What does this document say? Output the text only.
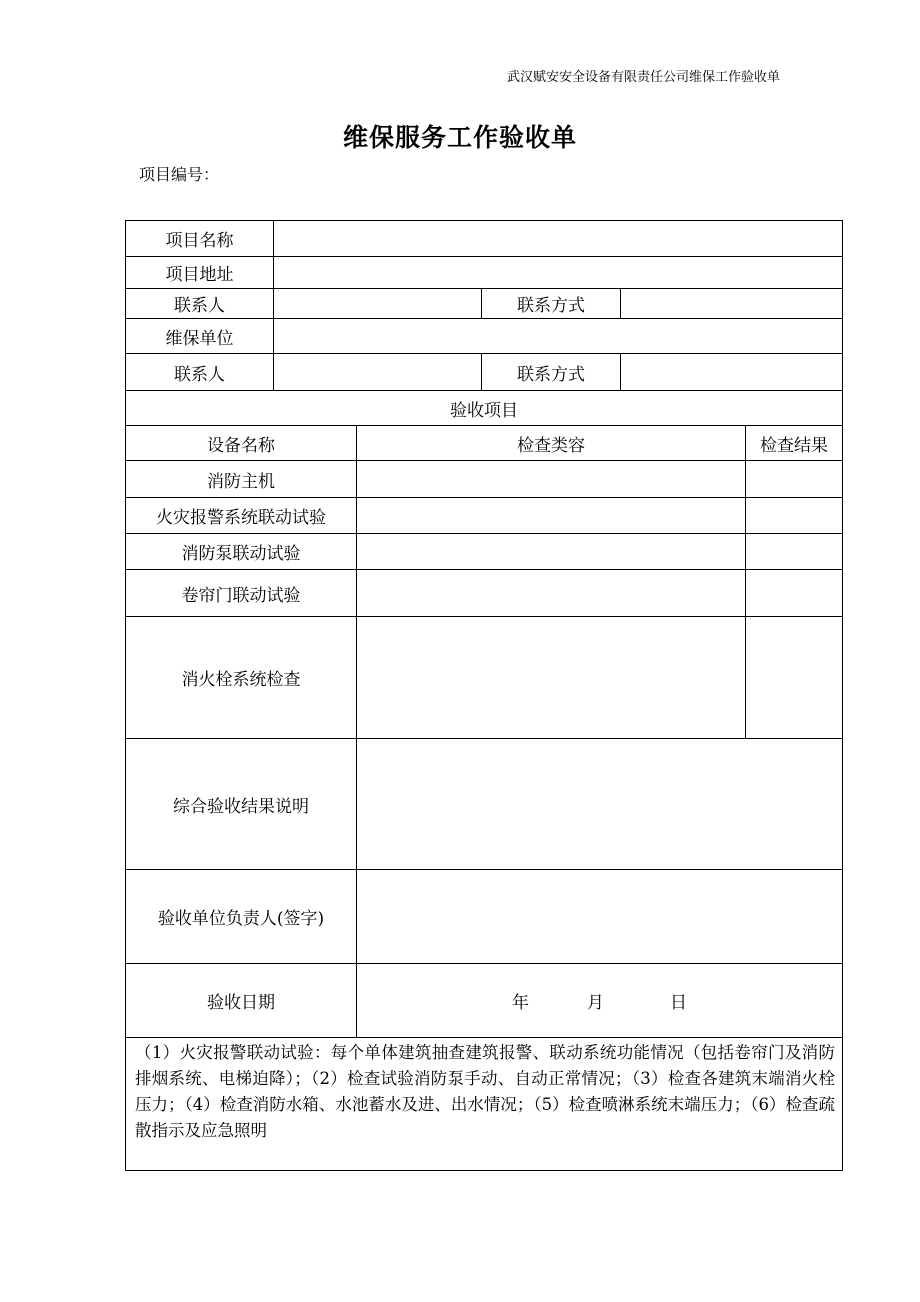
武汉赋安安全设备有限责任公司维保工作验收单
维保服务工作验收单
项目编号：
项目名称
项目地址
联系人	联系方式
维保单位
联系人	联系方式
验收项目
设备名称	检查类容	检查结果
消防主机
火灾报警系统联动试验
消防泵联动试验
卷帘门联动试验
消火栓系统检查
综合验收结果说明
验收单位负责人(签字)
验收日期	年	月	日
（1）火灾报警联动试验：每个单体建筑抽查建筑报警、联动系统功能情况（包括卷帘门及消防排烟系统、电梯迫降）；（2）检查试验消防泵手动、自动正常情况；（3）检查各建筑末端消火栓压力；（4）检查消防水箱、水池蓄水及进、出水情况；（5）检查喷淋系统末端压力；（6）检查疏散指示及应急照明
